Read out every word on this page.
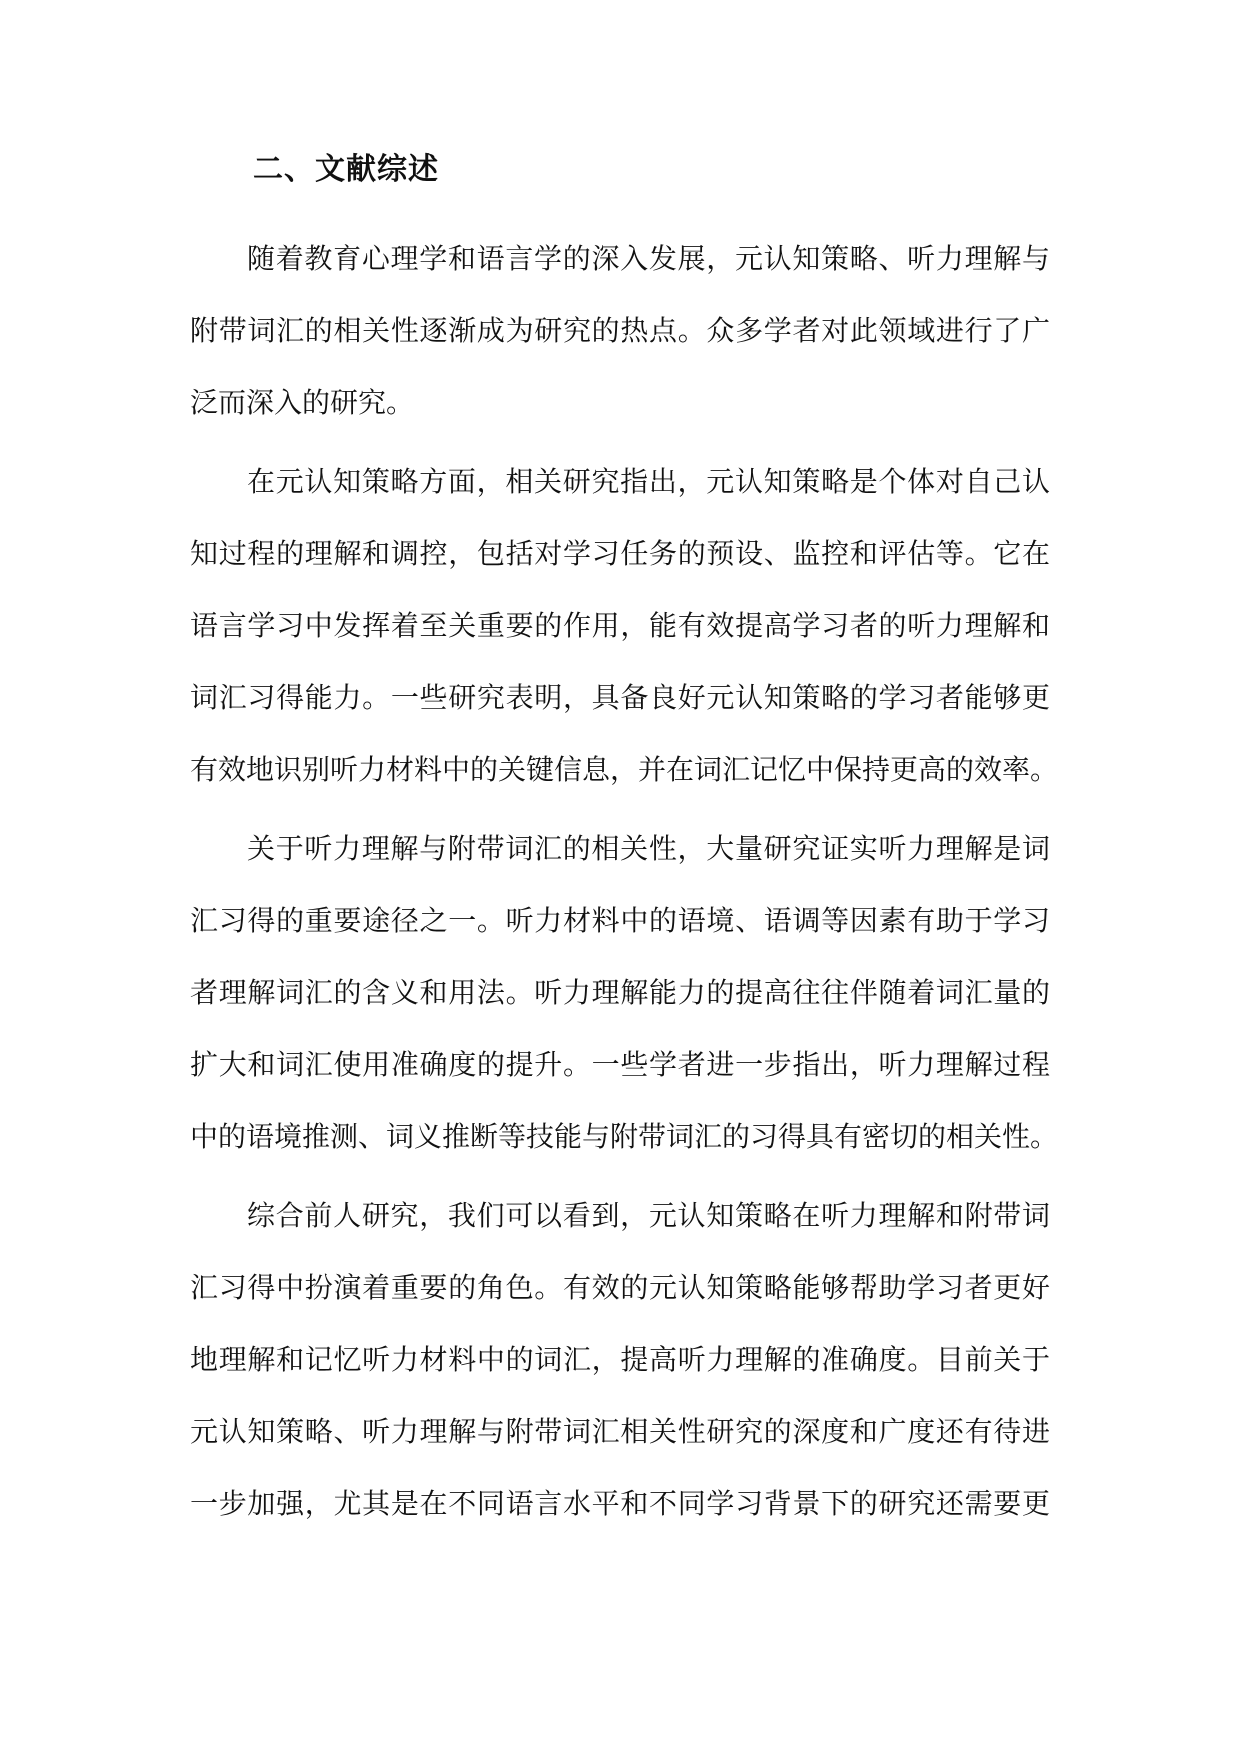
二、文献综述
随着教育心理学和语言学的深入发展，元认知策略、听力理解与
附带词汇的相关性逐渐成为研究的热点。众多学者对此领域进行了广
泛而深入的研究。
在元认知策略方面，相关研究指出，元认知策略是个体对自己认
知过程的理解和调控，包括对学习任务的预设、监控和评估等。它在
语言学习中发挥着至关重要的作用，能有效提高学习者的听力理解和
词汇习得能力。一些研究表明，具备良好元认知策略的学习者能够更
有效地识别听力材料中的关键信息，并在词汇记忆中保持更高的效率。
关于听力理解与附带词汇的相关性，大量研究证实听力理解是词
汇习得的重要途径之一。听力材料中的语境、语调等因素有助于学习
者理解词汇的含义和用法。听力理解能力的提高往往伴随着词汇量的
扩大和词汇使用准确度的提升。一些学者进一步指出，听力理解过程
中的语境推测、词义推断等技能与附带词汇的习得具有密切的相关性。
综合前人研究，我们可以看到，元认知策略在听力理解和附带词
汇习得中扮演着重要的角色。有效的元认知策略能够帮助学习者更好
地理解和记忆听力材料中的词汇，提高听力理解的准确度。目前关于
元认知策略、听力理解与附带词汇相关性研究的深度和广度还有待进
一步加强，尤其是在不同语言水平和不同学习背景下的研究还需要更
